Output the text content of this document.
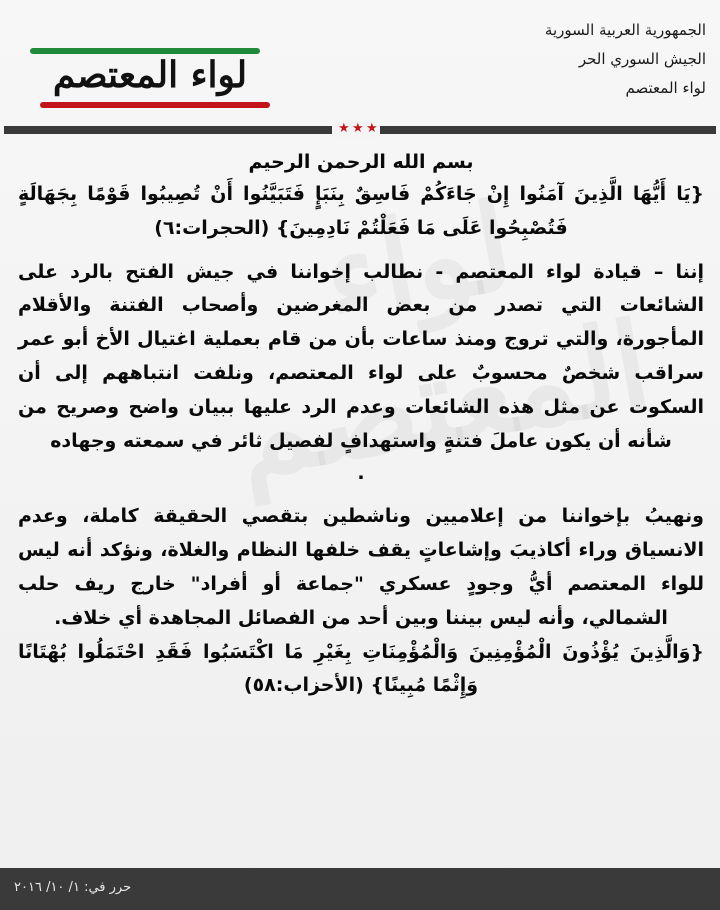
الجمهورية العربية السورية
الجيش السوري الحر
لواء المعتصم
لواء المعتصم
★ ★ ★

بسم الله الرحمن الرحيم

{يَا أَيُّهَا الَّذِينَ آمَنُوا إِنْ جَاءَكُمْ فَاسِقٌ بِنَبَإٍ فَتَبَيَّنُوا أَنْ تُصِيبُوا قَوْمًا بِجَهَالَةٍ فَتُصْبِحُوا عَلَى مَا فَعَلْتُمْ نَادِمِينَ} (الحجرات:٦)

إننا – قيادة لواء المعتصم - نطالب إخواننا في جيش الفتح بالرد على الشائعات التي تصدر من بعض المغرضين وأصحاب الفتنة والأقلام المأجورة، والتي تروج ومنذ ساعات بأن من قام بعملية اغتيال الأخ أبو عمر سراقب شخصٌ محسوبٌ على لواء المعتصم، ونلفت انتباههم إلى أن السكوت عن مثل هذه الشائعات وعدم الرد عليها ببيان واضح وصريح من شأنه أن يكون عاملَ فتنةٍ واستهدافٍ لفصيل ثائر في سمعته وجهاده

.

ونهيبُ بإخواننا من إعلاميين وناشطين بتقصي الحقيقة كاملة، وعدم الانسياق وراء أكاذيبَ وإشاعاتٍ يقف خلفها النظام والغلاة، ونؤكد أنه ليس للواء المعتصم أيُّ وجودٍ عسكري "جماعة أو أفراد" خارج ريف حلب الشمالي، وأنه ليس بيننا وبين أحد من الفصائل المجاهدة أي خلاف.

{وَالَّذِينَ يُؤْذُونَ الْمُؤْمِنِينَ وَالْمُؤْمِنَاتِ بِغَيْرِ مَا اكْتَسَبُوا فَقَدِ احْتَمَلُوا بُهْتَانًا وَإِثْمًا مُبِينًا} (الأحزاب:٥٨)

حرر في: ١/ ١٠/ ٢٠١٦
